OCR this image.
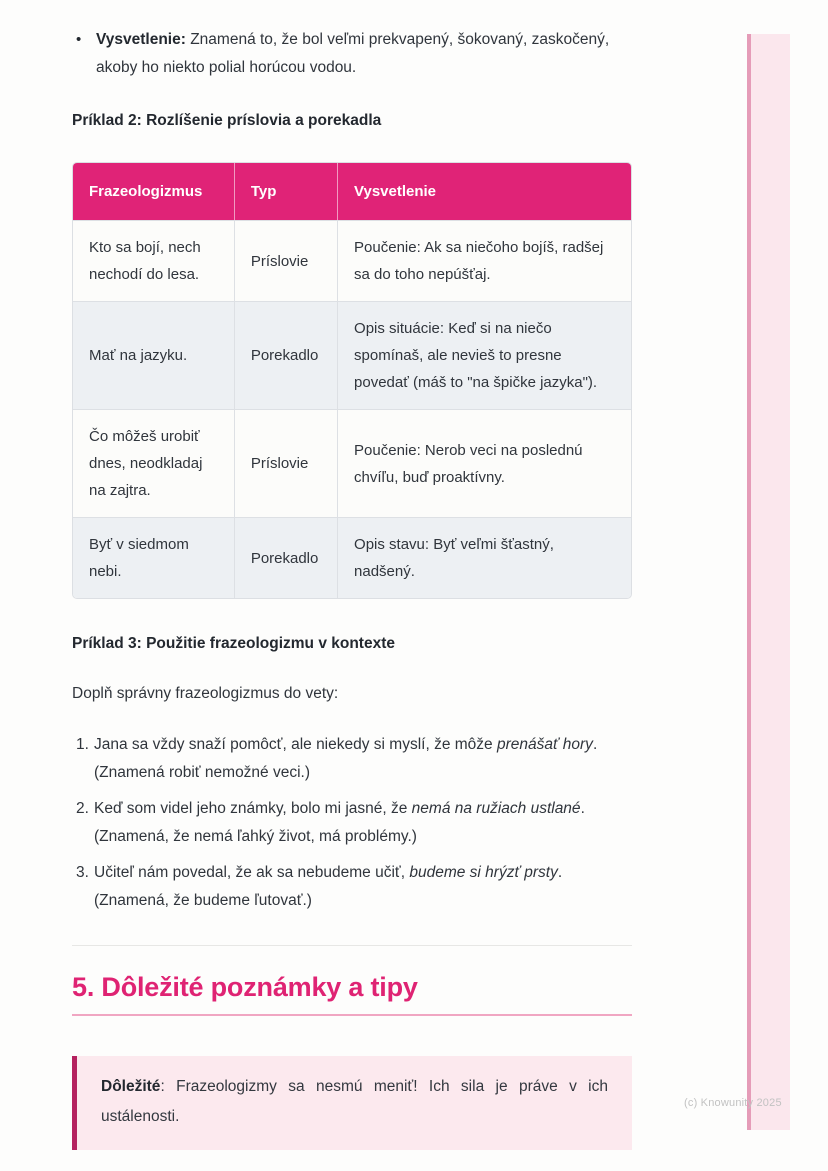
• Vysvetlenie: Znamená to, že bol veľmi prekvapený, šokovaný, zaskočený, akoby ho niekto polial horúcou vodou.

Príklad 2: Rozlíšenie príslovia a porekadla
Frazeologizmus	Typ	Vysvetlenie
Kto sa bojí, nech nechodí do lesa.	Príslovie	Poučenie: Ak sa niečoho bojíš, radšej sa do toho nepúšťaj.
Mať na jazyku.	Porekadlo	Opis situácie: Keď si na niečo spomínaš, ale nevieš to presne povedať (máš to "na špičke jazyka").
Čo môžeš urobiť dnes, neodkladaj na zajtra.	Príslovie	Poučenie: Nerob veci na poslednú chvíľu, buď proaktívny.
Byť v siedmom nebi.	Porekadlo	Opis stavu: Byť veľmi šťastný, nadšený.
Príklad 3: Použitie frazeologizmu v kontexte

Doplň správny frazeologizmus do vety:

1. Jana sa vždy snaží pomôcť, ale niekedy si myslí, že môže prenášať hory.
(Znamená robiť nemožné veci.)
2. Keď som videl jeho známky, bolo mi jasné, že nemá na ružiach ustlané.
(Znamená, že nemá ľahký život, má problémy.)
3. Učiteľ nám povedal, že ak sa nebudeme učiť, budeme si hrýzť prsty.
(Znamená, že budeme ľutovať.)
5. Dôležité poznámky a tipy

Dôležité: Frazeologizmy sa nesmú meniť! Ich sila je práve v ich ustálenosti.

(c) Knowunity 2025
